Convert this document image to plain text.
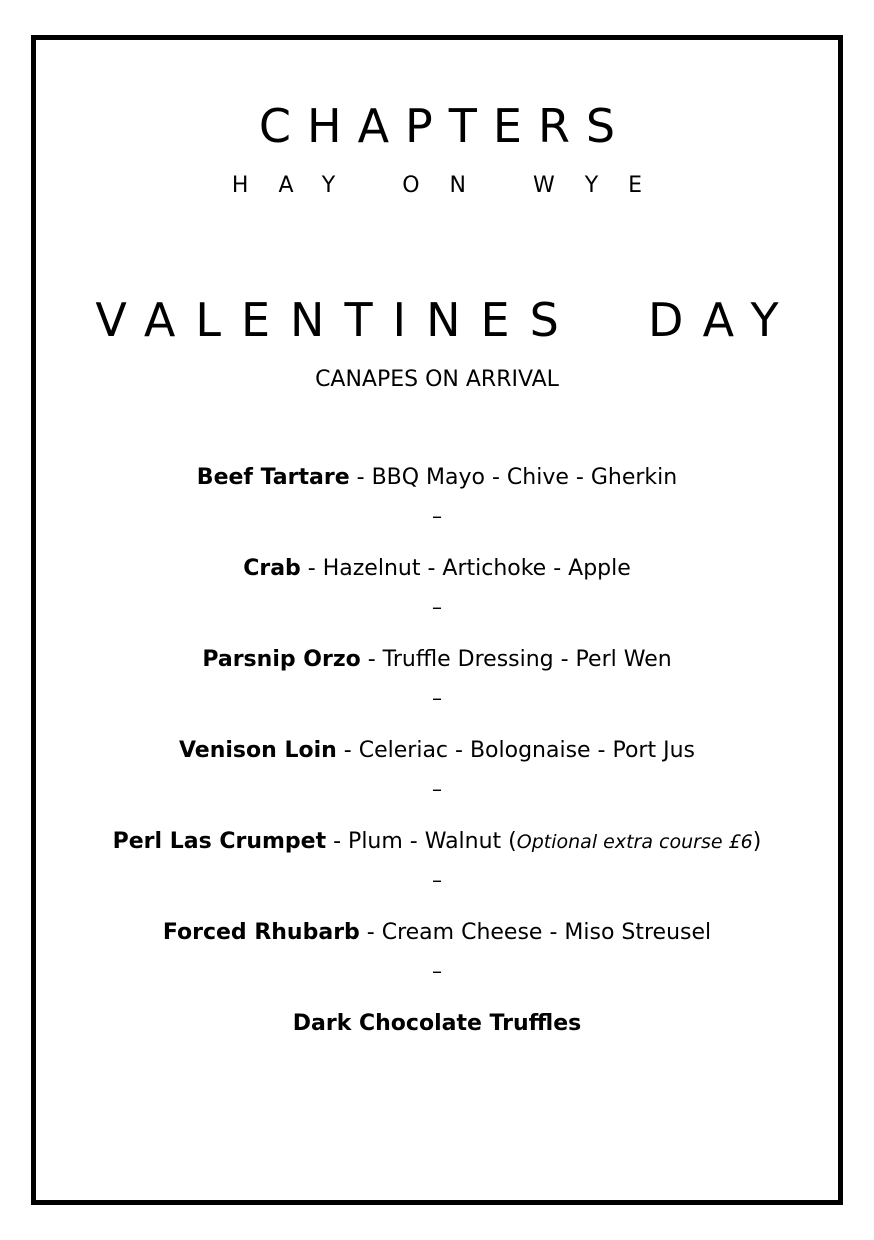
CHAPTERS
HAY ON WYE
VALENTINES  DAY
CANAPES ON ARRIVAL
Beef Tartare - BBQ Mayo - Chive - Gherkin
–
Crab - Hazelnut - Artichoke - Apple
–
Parsnip Orzo - Truffle Dressing - Perl Wen
–
Venison Loin - Celeriac - Bolognaise - Port Jus
–
Perl Las Crumpet - Plum - Walnut (Optional extra course £6)
–
Forced Rhubarb - Cream Cheese - Miso Streusel
–
Dark Chocolate Truffles
